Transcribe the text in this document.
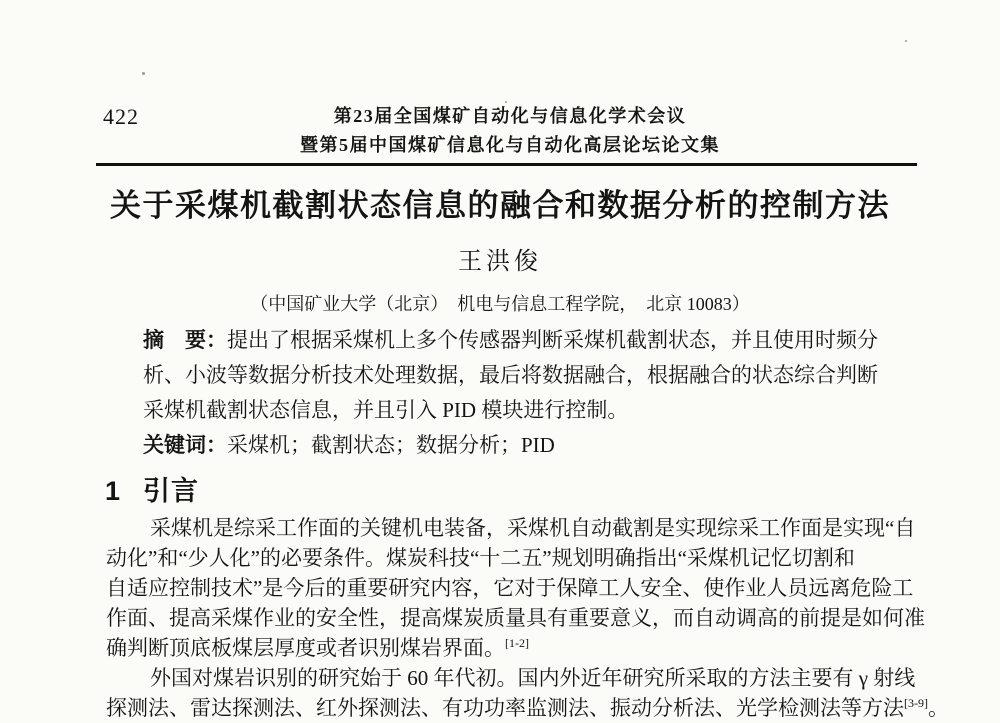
422	第23届全国煤矿自动化与信息化学术会议
暨第5届中国煤矿信息化与自动化高层论坛论文集
关于采煤机截割状态信息的融合和数据分析的控制方法
王洪俊
（中国矿业大学（北京）　机电与信息工程学院，　北京 10083）
摘　要：提出了根据采煤机上多个传感器判断采煤机截割状态，并且使用时频分
析、小波等数据分析技术处理数据，最后将数据融合，根据融合的状态综合判断
采煤机截割状态信息，并且引入 PID 模块进行控制。
关键词：采煤机；截割状态；数据分析；PID
1 引言
采煤机是综采工作面的关键机电装备，采煤机自动截割是实现综采工作面是实现“自
动化”和“少人化”的必要条件。煤炭科技“十二五”规划明确指出“采煤机记忆切割和
自适应控制技术”是今后的重要研究内容，它对于保障工人安全、使作业人员远离危险工
作面、提高采煤作业的安全性，提高煤炭质量具有重要意义，而自动调高的前提是如何准
确判断顶底板煤层厚度或者识别煤岩界面。[1-2]
外国对煤岩识别的研究始于 60 年代初。国内外近年研究所采取的方法主要有 γ 射线
探测法、雷达探测法、红外探测法、有功功率监测法、振动分析法、光学检测法等方法[3-9]。
